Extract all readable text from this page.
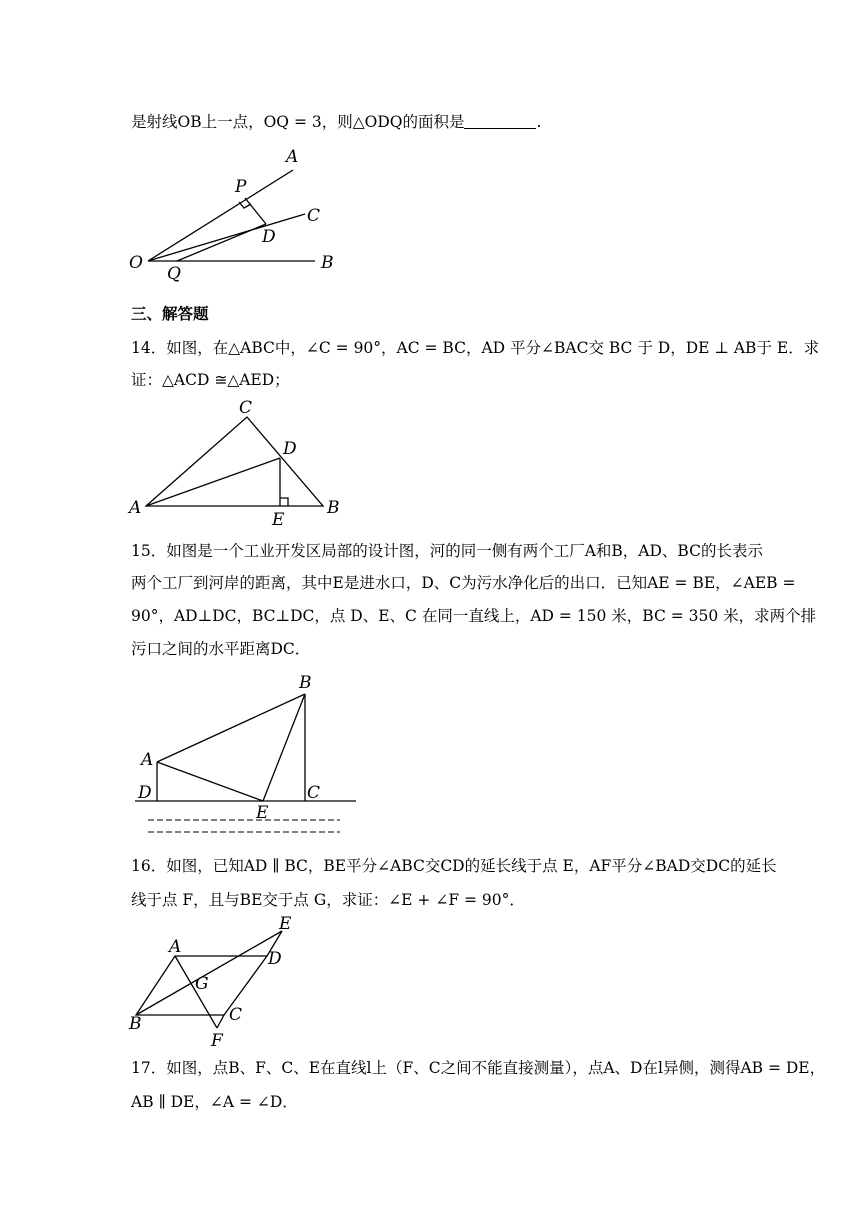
是射线OB上一点，OQ = 3，则△ODQ的面积是	.
A
P
C
D
O
Q
B
三、解答题
14．如图，在△ABC中，∠C = 90°，AC = BC，AD 平分∠BAC交 BC 于 D，DE ⊥ AB于 E．求
证：△ACD ≅△AED；
C
D
A
E
B
15．如图是一个工业开发区局部的设计图，河的同一侧有两个工厂A和B，AD、BC的长表示
两个工厂到河岸的距离，其中E是进水口，D、C为污水净化后的出口．已知AE = BE，∠AEB =
90°，AD⊥DC，BC⊥DC，点 D、E、C 在同一直线上，AD = 150 米，BC = 350 米，求两个排
污口之间的水平距离DC．
B
A
D
E
C
16．如图，已知AD ∥ BC，BE平分∠ABC交CD的延长线于点 E，AF平分∠BAD交DC的延长
线于点 F，且与BE交于点 G，求证：∠E + ∠F = 90°．
A
E
D
G
B	C
F
17．如图，点B、F、C、E在直线l上（F、C之间不能直接测量），点A、D在l异侧，测得AB = DE，
AB ∥ DE，∠A = ∠D．
